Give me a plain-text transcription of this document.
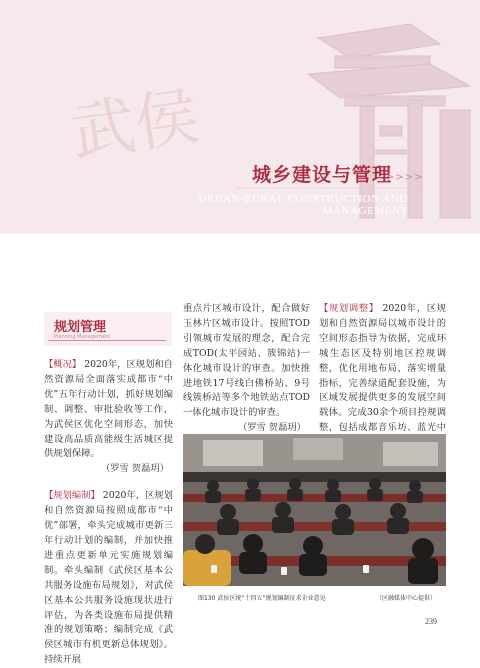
武侯
城乡建设与管理
>>>>
URBAN-RURAL CONSTRUCTION AND MANAGEMENT
规划管理
Planning Management

【概况】 2020年，区规划和自然资源局全面落实成都市“中优”五年行动计划，抓好规划编制、调整、审批验收等工作，为武侯区优化空间形态，加快建设高品质高能级生活城区提供规划保障。

（罗雪 贺磊玥）

【规划编制】 2020年，区规划和自然资源局按照成都市“中优”部署，牵头完成城市更新三年行动计划的编制，并加快推进重点更新单元实施规划编制。牵头编制《武侯区基本公共服务设施布局规划》，对武侯区基本公共服务设施现状进行评估，为各类设施布局提供精准的规划策略；编制完成《武侯区城市有机更新总体规划》。持续开展

重点片区城市设计，配合做好玉林片区城市设计。按照TOD引领城市发展的理念，配合完成TOD(太平园站、簇锦站)一体化城市设计的审查。加快推进地铁17号线白佛桥站、9号线簇桥站等多个地铁站点TOD一体化城市设计的审查。

（罗雪 贺磊玥）

【规划调整】 2020年，区规划和自然资源局以城市设计的空间形态指导为依据，完成环城生态区及特别地区控规调整，优化用地布局，落实增量指标，完善绿道配套设施，为区域发展提供更多的发展空间载体。完成30余个项目控规调整，包括成都音乐坊、蓝光中

图130 武侯区统“十四五”规划编制征求企业意见	（区融媒体中心提供）
239
